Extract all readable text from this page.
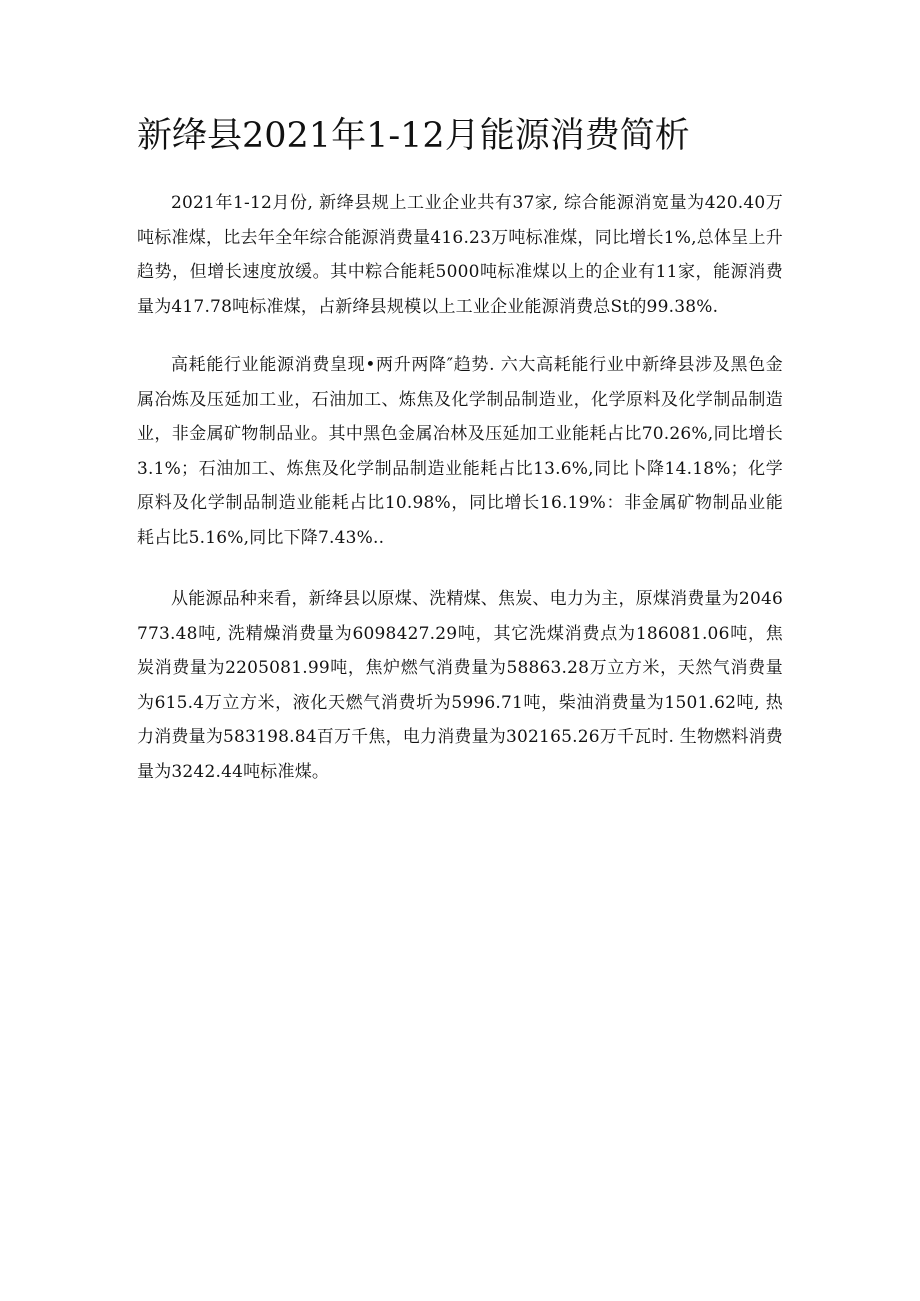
新绛县2021年1-12月能源消费简析

2021年1-12月份, 新绛县规上工业企业共有37家, 综合能源消宽量为420.40万吨标准煤，比去年全年综合能源消费量416.23万吨标准煤，同比增长1%,总体呈上升趋势，但增长速度放缓。其中粽合能耗5000吨标准煤以上的企业有11家，能源消费量为417.78吨标准煤，占新绛县规模以上工业企业能源消费总St的99.38%.

高耗能行业能源消费皇现•两升两降″趋势. 六大高耗能行业中新绛县涉及黑色金属冶炼及压延加工业，石油加工、炼焦及化学制品制造业，化学原料及化学制品制造业，非金属矿物制品业。其中黑色金属冶林及压延加工业能耗占比70.26%,同比增长3.1%；石油加工、炼焦及化学制品制造业能耗占比13.6%,同比卜降14.18%；化学原料及化学制品制造业能耗占比10.98%，同比增长16.19%：非金属矿物制品业能耗占比5.16%,同比下降7.43%..

从能源品种来看，新绛县以原煤、洗精煤、焦炭、电力为主，原煤消费量为2046773.48吨, 洗精燥消费量为6098427.29吨，其它洗煤消费点为186081.06吨，焦炭消费量为2205081.99吨，焦炉燃气消费量为58863.28万立方米，天然气消费量为615.4万立方米，液化天燃气消费圻为5996.71吨，柴油消费量为1501.62吨, 热力消费量为583198.84百万千焦，电力消费量为302165.26万千瓦时. 生物燃料消费量为3242.44吨标准煤。
